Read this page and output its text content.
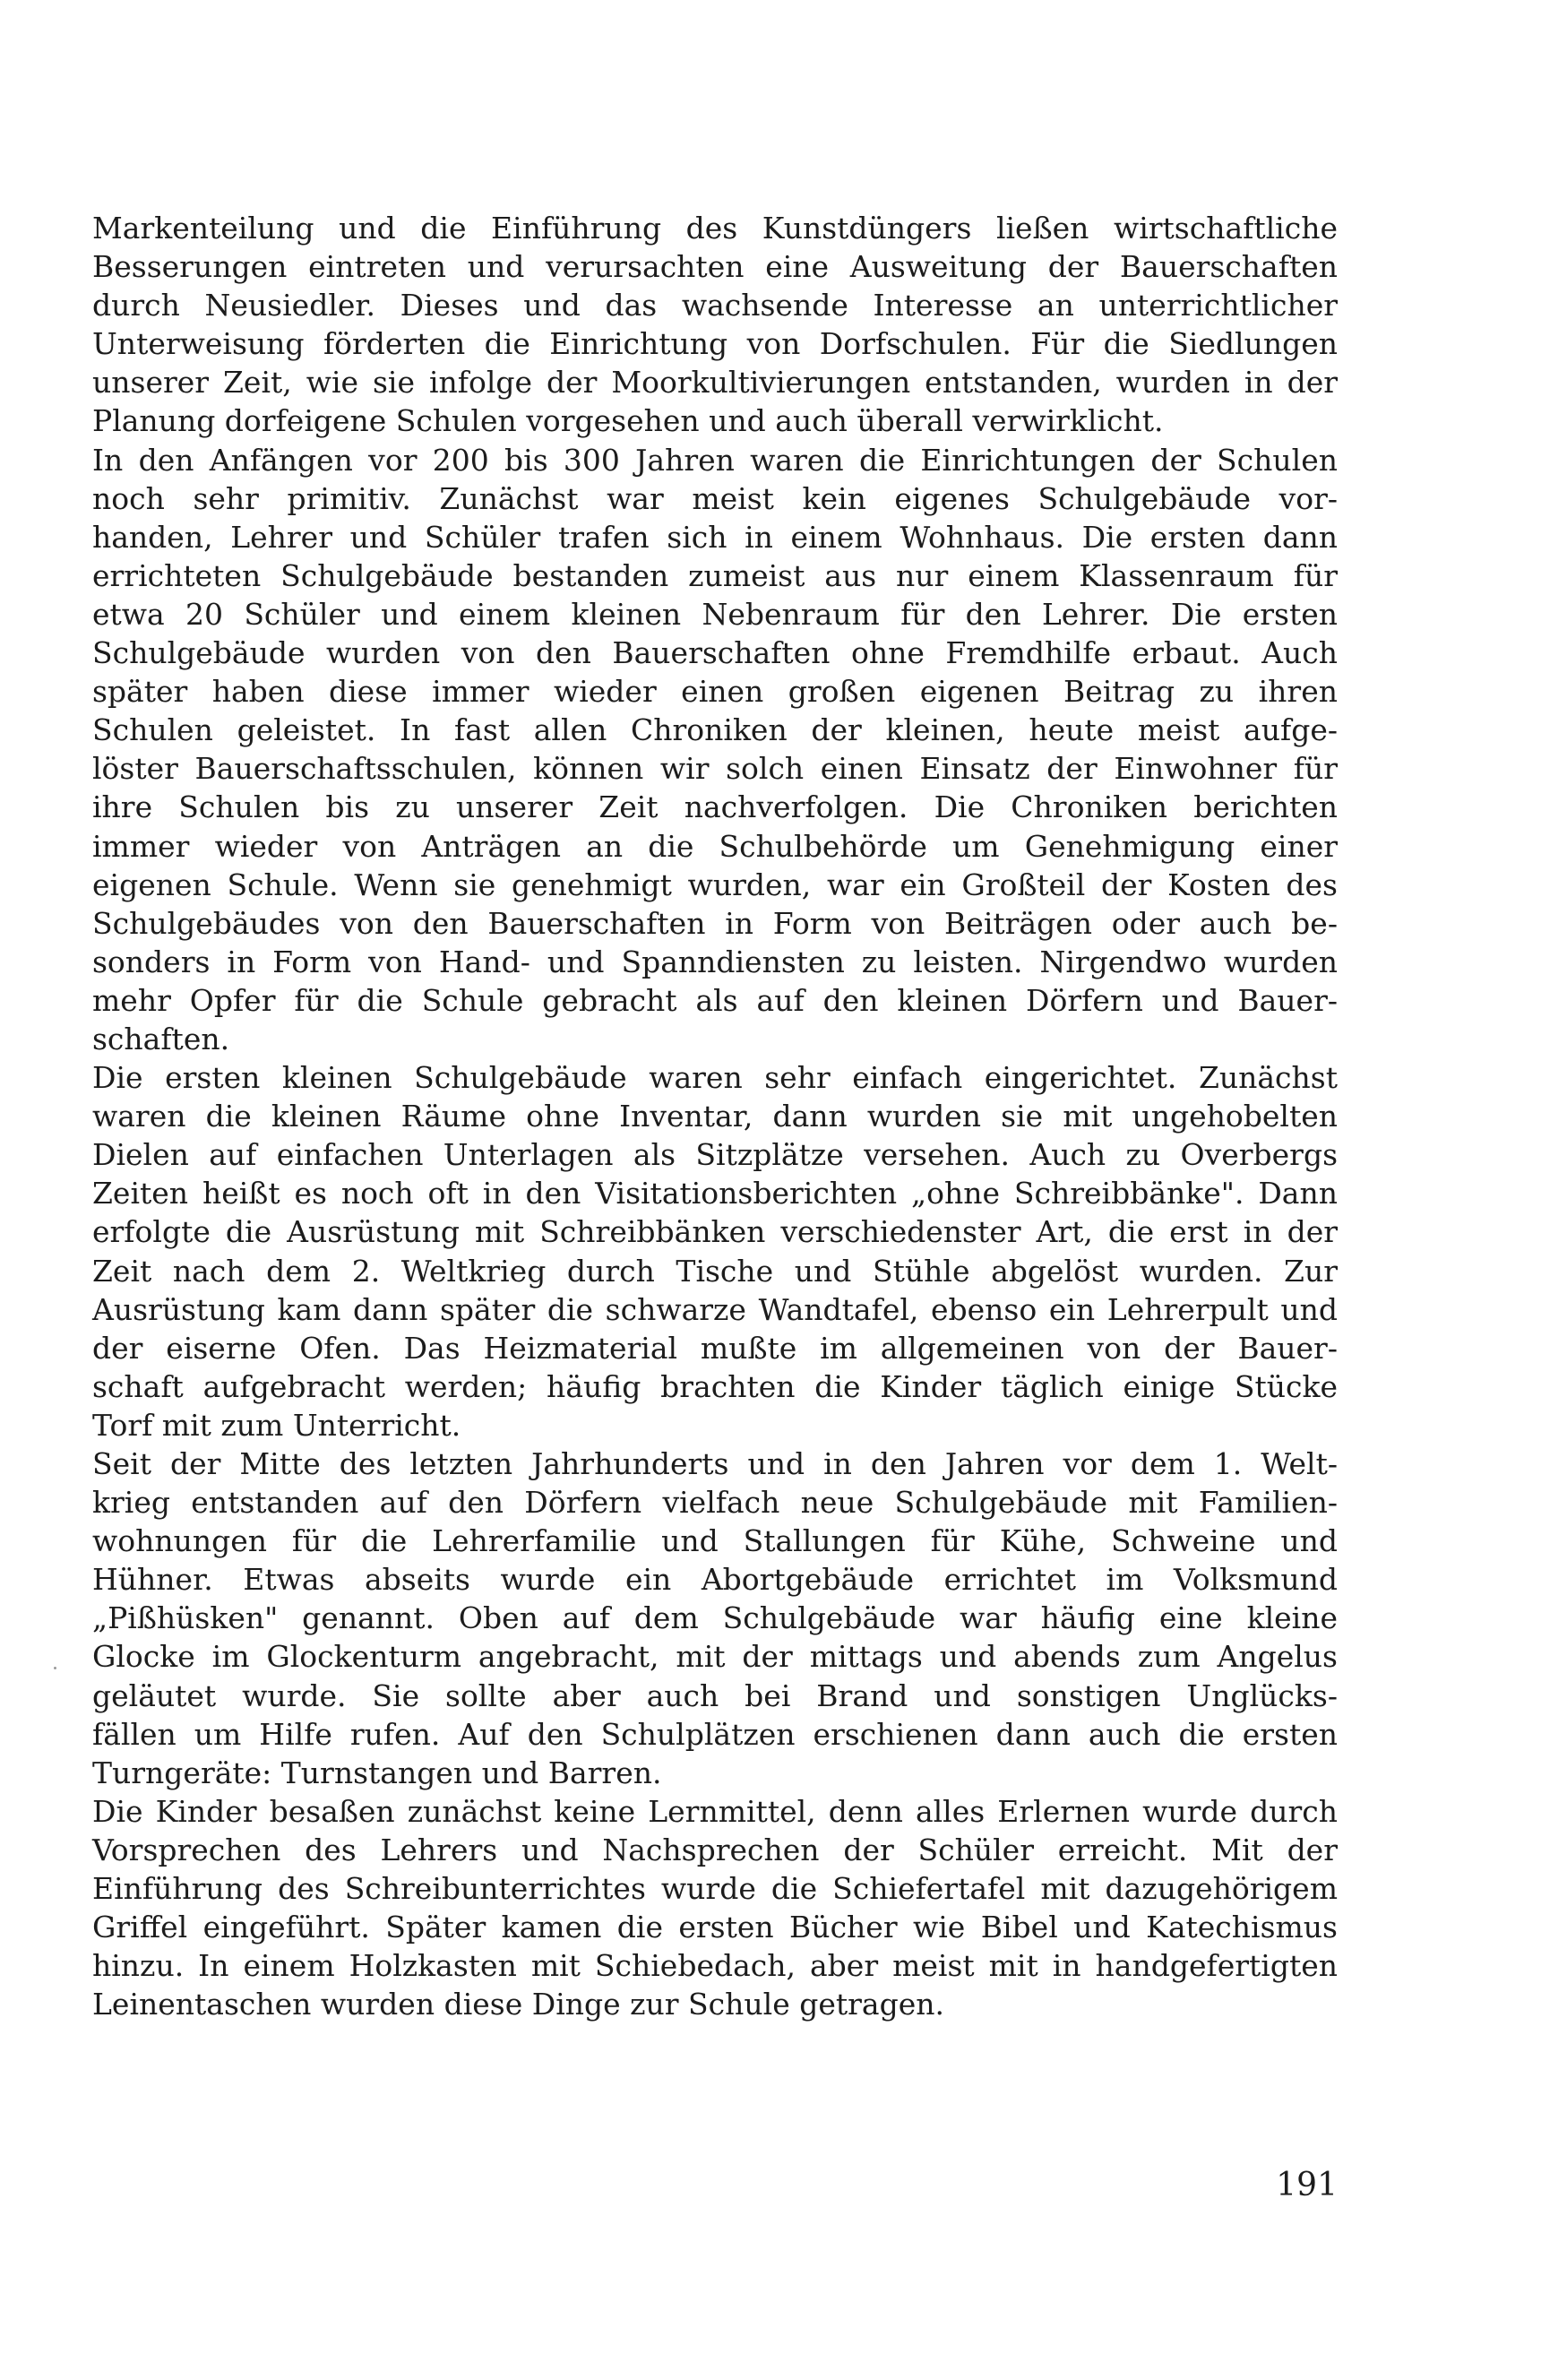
Markenteilung und die Einführung des Kunstdüngers ließen wirtschaftliche
Besserungen eintreten und verursachten eine Ausweitung der Bauerschaften
durch Neusiedler. Dieses und das wachsende Interesse an unterrichtlicher
Unterweisung förderten die Einrichtung von Dorfschulen. Für die Siedlungen
unserer Zeit, wie sie infolge der Moorkultivierungen entstanden, wurden in der
Planung dorfeigene Schulen vorgesehen und auch überall verwirklicht.
In den Anfängen vor 200 bis 300 Jahren waren die Einrichtungen der Schulen
noch sehr primitiv. Zunächst war meist kein eigenes Schulgebäude vor-
handen, Lehrer und Schüler trafen sich in einem Wohnhaus. Die ersten dann
errichteten Schulgebäude bestanden zumeist aus nur einem Klassenraum für
etwa 20 Schüler und einem kleinen Nebenraum für den Lehrer. Die ersten
Schulgebäude wurden von den Bauerschaften ohne Fremdhilfe erbaut. Auch
später haben diese immer wieder einen großen eigenen Beitrag zu ihren
Schulen geleistet. In fast allen Chroniken der kleinen, heute meist aufge-
löster Bauerschaftsschulen, können wir solch einen Einsatz der Einwohner für
ihre Schulen bis zu unserer Zeit nachverfolgen. Die Chroniken berichten
immer wieder von Anträgen an die Schulbehörde um Genehmigung einer
eigenen Schule. Wenn sie genehmigt wurden, war ein Großteil der Kosten des
Schulgebäudes von den Bauerschaften in Form von Beiträgen oder auch be-
sonders in Form von Hand- und Spanndiensten zu leisten. Nirgendwo wurden
mehr Opfer für die Schule gebracht als auf den kleinen Dörfern und Bauer-
schaften.
Die ersten kleinen Schulgebäude waren sehr einfach eingerichtet. Zunächst
waren die kleinen Räume ohne Inventar, dann wurden sie mit ungehobelten
Dielen auf einfachen Unterlagen als Sitzplätze versehen. Auch zu Overbergs
Zeiten heißt es noch oft in den Visitationsberichten „ohne Schreibbänke". Dann
erfolgte die Ausrüstung mit Schreibbänken verschiedenster Art, die erst in der
Zeit nach dem 2. Weltkrieg durch Tische und Stühle abgelöst wurden. Zur
Ausrüstung kam dann später die schwarze Wandtafel, ebenso ein Lehrerpult und
der eiserne Ofen. Das Heizmaterial mußte im allgemeinen von der Bauer-
schaft aufgebracht werden; häufig brachten die Kinder täglich einige Stücke
Torf mit zum Unterricht.
Seit der Mitte des letzten Jahrhunderts und in den Jahren vor dem 1. Welt-
krieg entstanden auf den Dörfern vielfach neue Schulgebäude mit Familien-
wohnungen für die Lehrerfamilie und Stallungen für Kühe, Schweine und
Hühner. Etwas abseits wurde ein Abortgebäude errichtet im Volksmund
„Pißhüsken" genannt. Oben auf dem Schulgebäude war häufig eine kleine
Glocke im Glockenturm angebracht, mit der mittags und abends zum Angelus
geläutet wurde. Sie sollte aber auch bei Brand und sonstigen Unglücks-
fällen um Hilfe rufen. Auf den Schulplätzen erschienen dann auch die ersten
Turngeräte: Turnstangen und Barren.
Die Kinder besaßen zunächst keine Lernmittel, denn alles Erlernen wurde durch
Vorsprechen des Lehrers und Nachsprechen der Schüler erreicht. Mit der
Einführung des Schreibunterrichtes wurde die Schiefertafel mit dazugehörigem
Griffel eingeführt. Später kamen die ersten Bücher wie Bibel und Katechismus
hinzu. In einem Holzkasten mit Schiebedach, aber meist mit in handgefertigten
Leinentaschen wurden diese Dinge zur Schule getragen.
191
